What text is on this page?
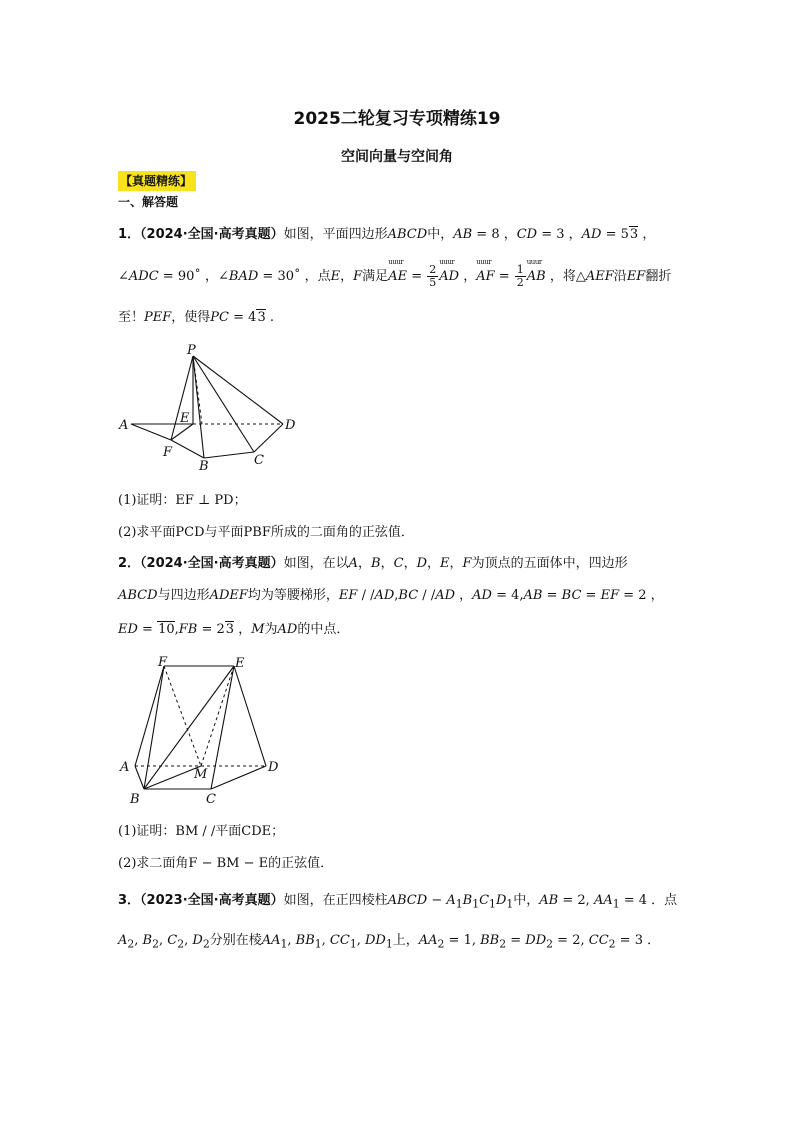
2025二轮复习专项精练19
空间向量与空间角
【真题精练】
一、解答题
1．（2024·全国·高考真题）如图，平面四边形ABCD中，AB = 8 ，CD = 3 ，AD = 53 ，
∠ADC = 90˚ ，∠BAD = 30˚ ，点E，F满足uuur AE = $\frac{2}{5}$ uuur AD ，uuur AF = $\frac{1}{2}$ uuur AB ，将△AEF沿EF翻折
至！PEF，使得PC = 43 .
P
E
A
F
B	C
D
(1)证明：EF ⊥ PD；
(2)求平面PCD与平面PBF所成的二面角的正弦值．
2．（2024·全国·高考真题）如图，在以A，B，C，D，E，F为顶点的五面体中，四边形
ABCD与四边形ADEF均为等腰梯形，EF / /AD,BC / /AD ，AD = 4,AB = BC = EF = 2 ，
ED = 10,FB = 23 ，M为AD的中点．
F	E
A	M	D
B	C
(1)证明：BM / /平面CDE；
(2)求二面角F − BM − E的正弦值．
3．（2023·全国·高考真题）如图，在正四棱柱ABCD − $A_1B_1C_1D_1$中，AB = 2, $AA_1 = 4$ ．点
$A_2$, $B_2$, $C_2$, $D_2$分别在棱$AA_1$, $BB_1$, $CC_1$, $DD_1$上，$AA_2 = 1$, $BB_2 = DD_2 = 2$, $CC_2 = 3$ ．
